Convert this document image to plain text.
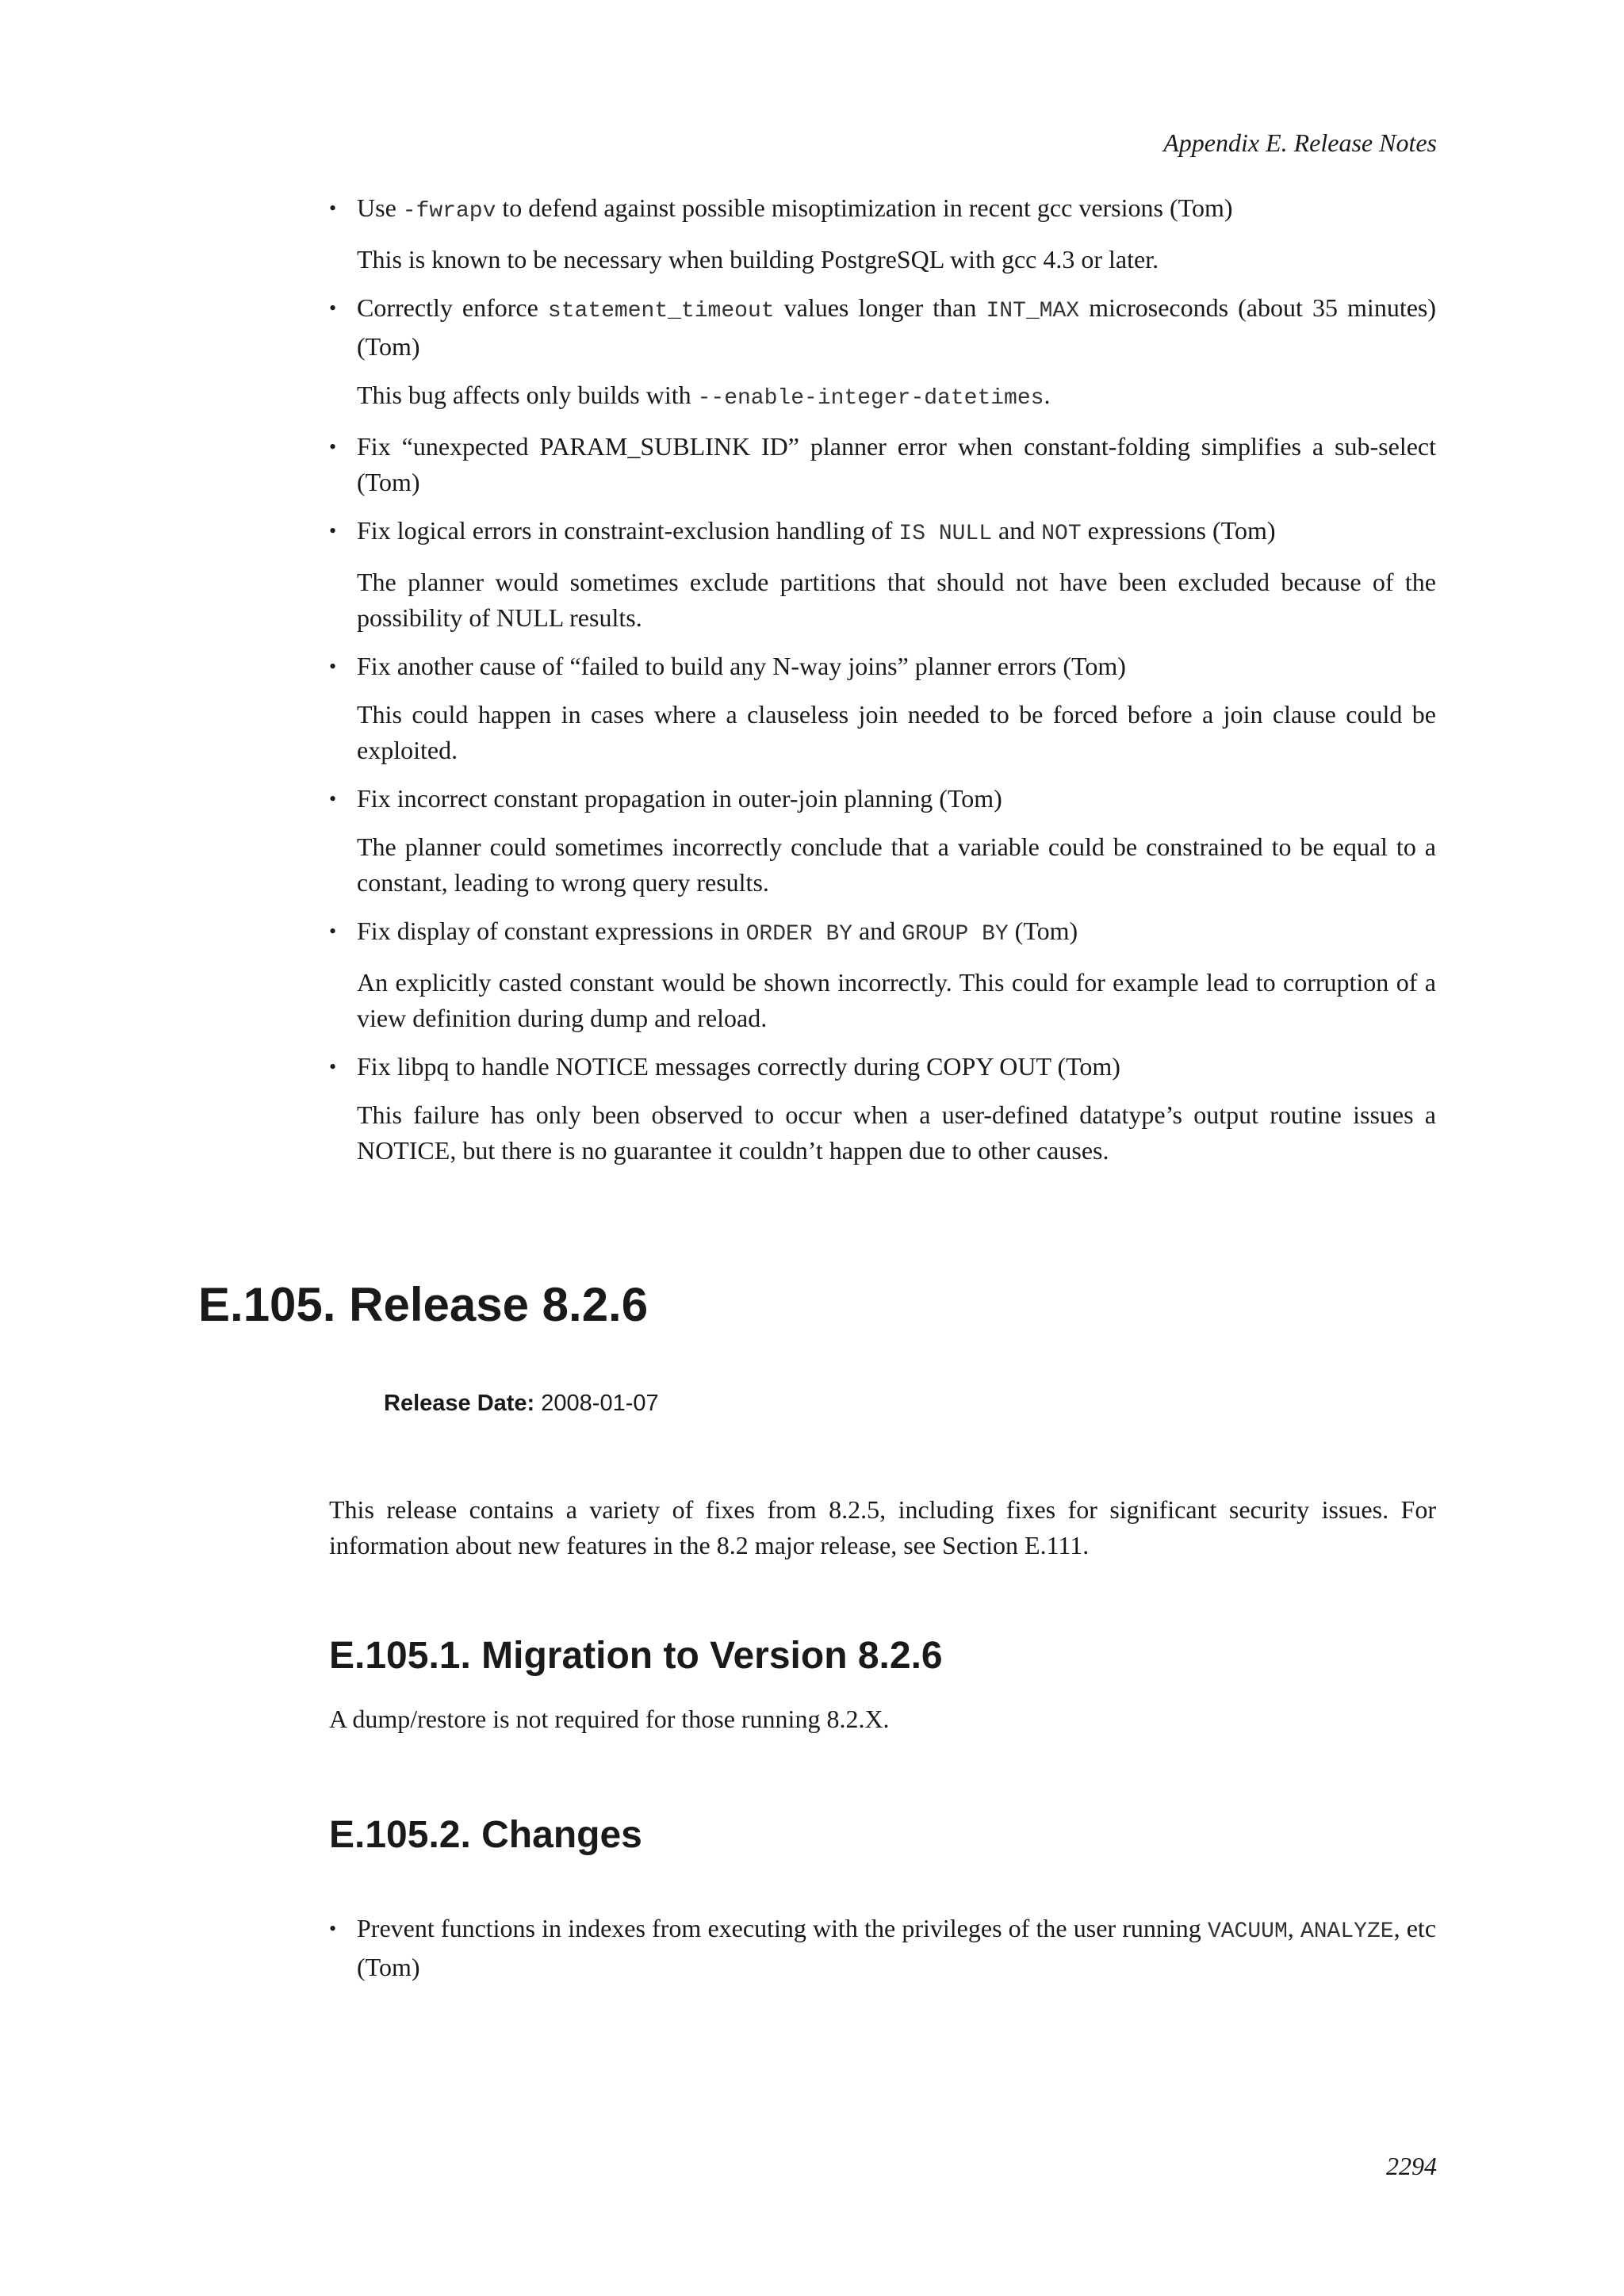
Appendix E. Release Notes
• Use -fwrapv to defend against possible misoptimization in recent gcc versions (Tom)

This is known to be necessary when building PostgreSQL with gcc 4.3 or later.

• Correctly enforce statement_timeout values longer than INT_MAX microseconds (about 35 minutes) (Tom)

This bug affects only builds with --enable-integer-datetimes.

• Fix “unexpected PARAM_SUBLINK ID” planner error when constant-folding simplifies a sub-select (Tom)

• Fix logical errors in constraint-exclusion handling of IS NULL and NOT expressions (Tom)

The planner would sometimes exclude partitions that should not have been excluded because of the possibility of NULL results.

• Fix another cause of “failed to build any N-way joins” planner errors (Tom)

This could happen in cases where a clauseless join needed to be forced before a join clause could be exploited.

• Fix incorrect constant propagation in outer-join planning (Tom)

The planner could sometimes incorrectly conclude that a variable could be constrained to be equal to a constant, leading to wrong query results.

• Fix display of constant expressions in ORDER BY and GROUP BY (Tom)

An explicitly casted constant would be shown incorrectly. This could for example lead to corruption of a view definition during dump and reload.

• Fix libpq to handle NOTICE messages correctly during COPY OUT (Tom)

This failure has only been observed to occur when a user-defined datatype’s output routine issues a NOTICE, but there is no guarantee it couldn’t happen due to other causes.

E.105. Release 8.2.6
Release Date: 2008-01-07

This release contains a variety of fixes from 8.2.5, including fixes for significant security issues. For information about new features in the 8.2 major release, see Section E.111.

E.105.1. Migration to Version 8.2.6

A dump/restore is not required for those running 8.2.X.

E.105.2. Changes
• Prevent functions in indexes from executing with the privileges of the user running VACUUM, ANALYZE, etc (Tom)

2294
